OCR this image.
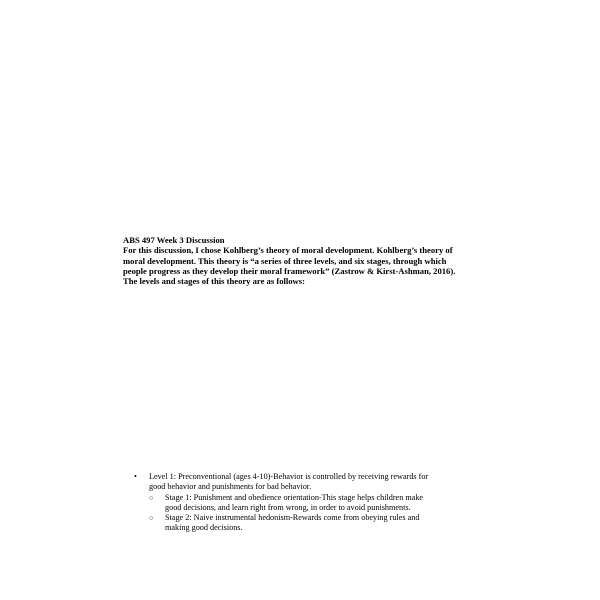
ABS 497 Week 3 Discussion
For this discussion, I chose Kohlberg’s theory of moral development. Kohlberg’s theory of
moral development. This theory is “a series of three levels, and six stages, through which
people progress as they develop their moral framework” (Zastrow & Kirst-Ashman, 2016).
The levels and stages of this theory are as follows:
• Level 1: Preconventional (ages 4-10)-Behavior is controlled by receiving rewards for
good behavior and punishments for bad behavior.
○ Stage 1: Punishment and obedience orientation-This stage helps children make
good decisions, and learn right from wrong, in order to avoid punishments.
○ Stage 2: Naive instrumental hedonism-Rewards come from obeying rules and
making good decisions.
